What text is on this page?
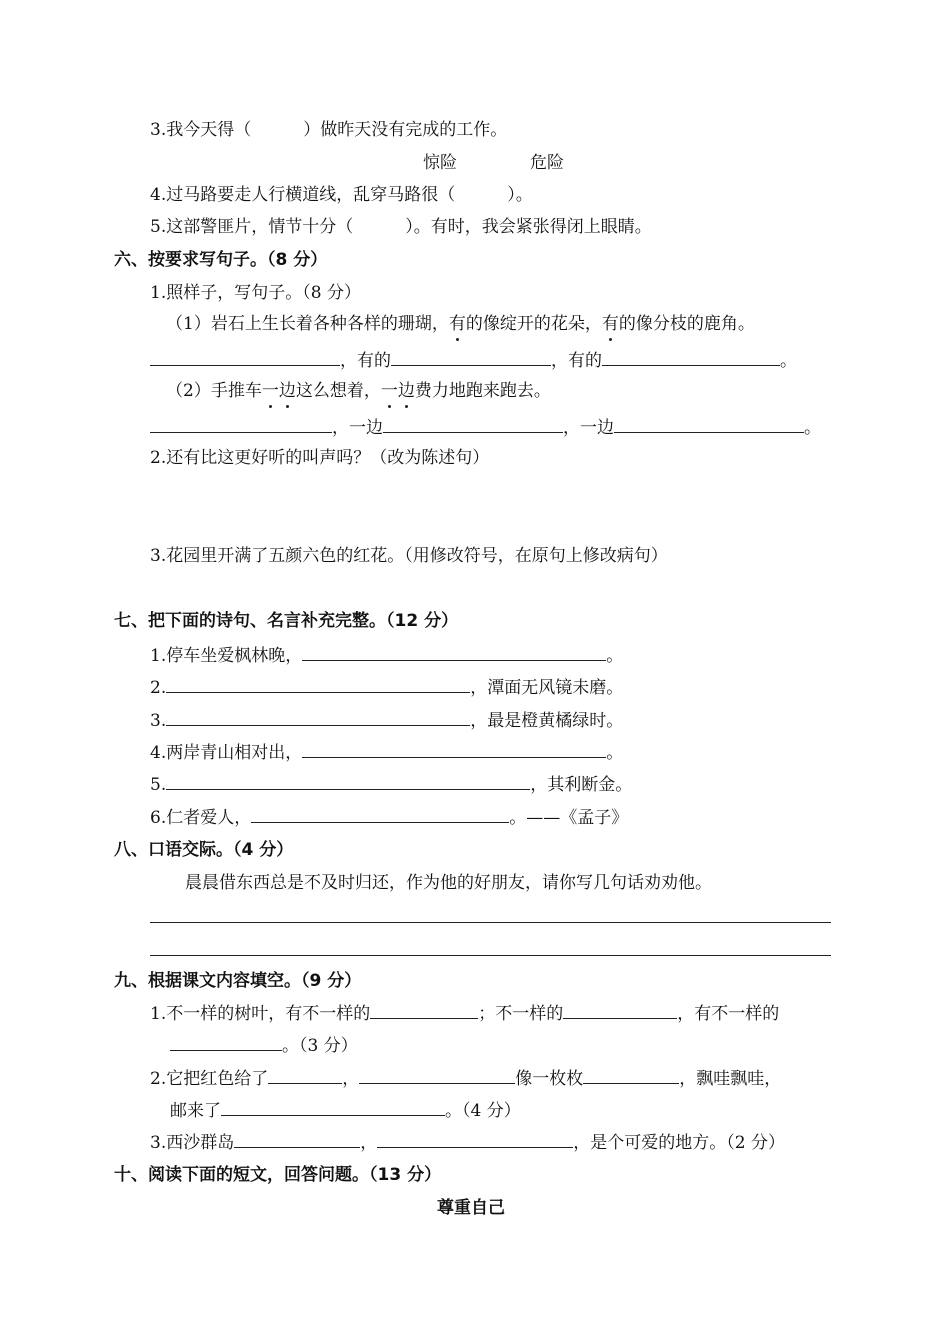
3.我今天得（	）做昨天没有完成的工作。
惊险	危险
4.过马路要走人行横道线，乱穿马路很（	）。
5.这部警匪片，情节十分（	）。有时，我会紧张得闭上眼睛。
六、按要求写句子。（8 分）
1.照样子，写句子。（8 分）
（1）岩石上生长着各种各样的珊瑚，有的像绽开的花朵，有的像分枝的鹿角。
，有的	，有的	。
（2）手推车一边这么想着，一边费力地跑来跑去。
，一边	，一边	。
2.还有比这更好听的叫声吗？（改为陈述句）
3.花园里开满了五颜六色的红花。（用修改符号，在原句上修改病句）
七、把下面的诗句、名言补充完整。（12 分）
1.停车坐爱枫林晚，	。
2.	，潭面无风镜未磨。
3.	，最是橙黄橘绿时。
4.两岸青山相对出，	。
5.	，其利断金。
6.仁者爱人，	。——《孟子》
八、口语交际。（4 分）
晨晨借东西总是不及时归还，作为他的好朋友，请你写几句话劝劝他。
九、根据课文内容填空。（9 分）
1.不一样的树叶，有不一样的	；不一样的	，有不一样的
。（3 分）
2.它把红色给了	，	像一枚枚	，飘哇飘哇，
邮来了	。（4 分）
3.西沙群岛	，	，是个可爱的地方。（2 分）
十、阅读下面的短文，回答问题。（13 分）
尊重自己
